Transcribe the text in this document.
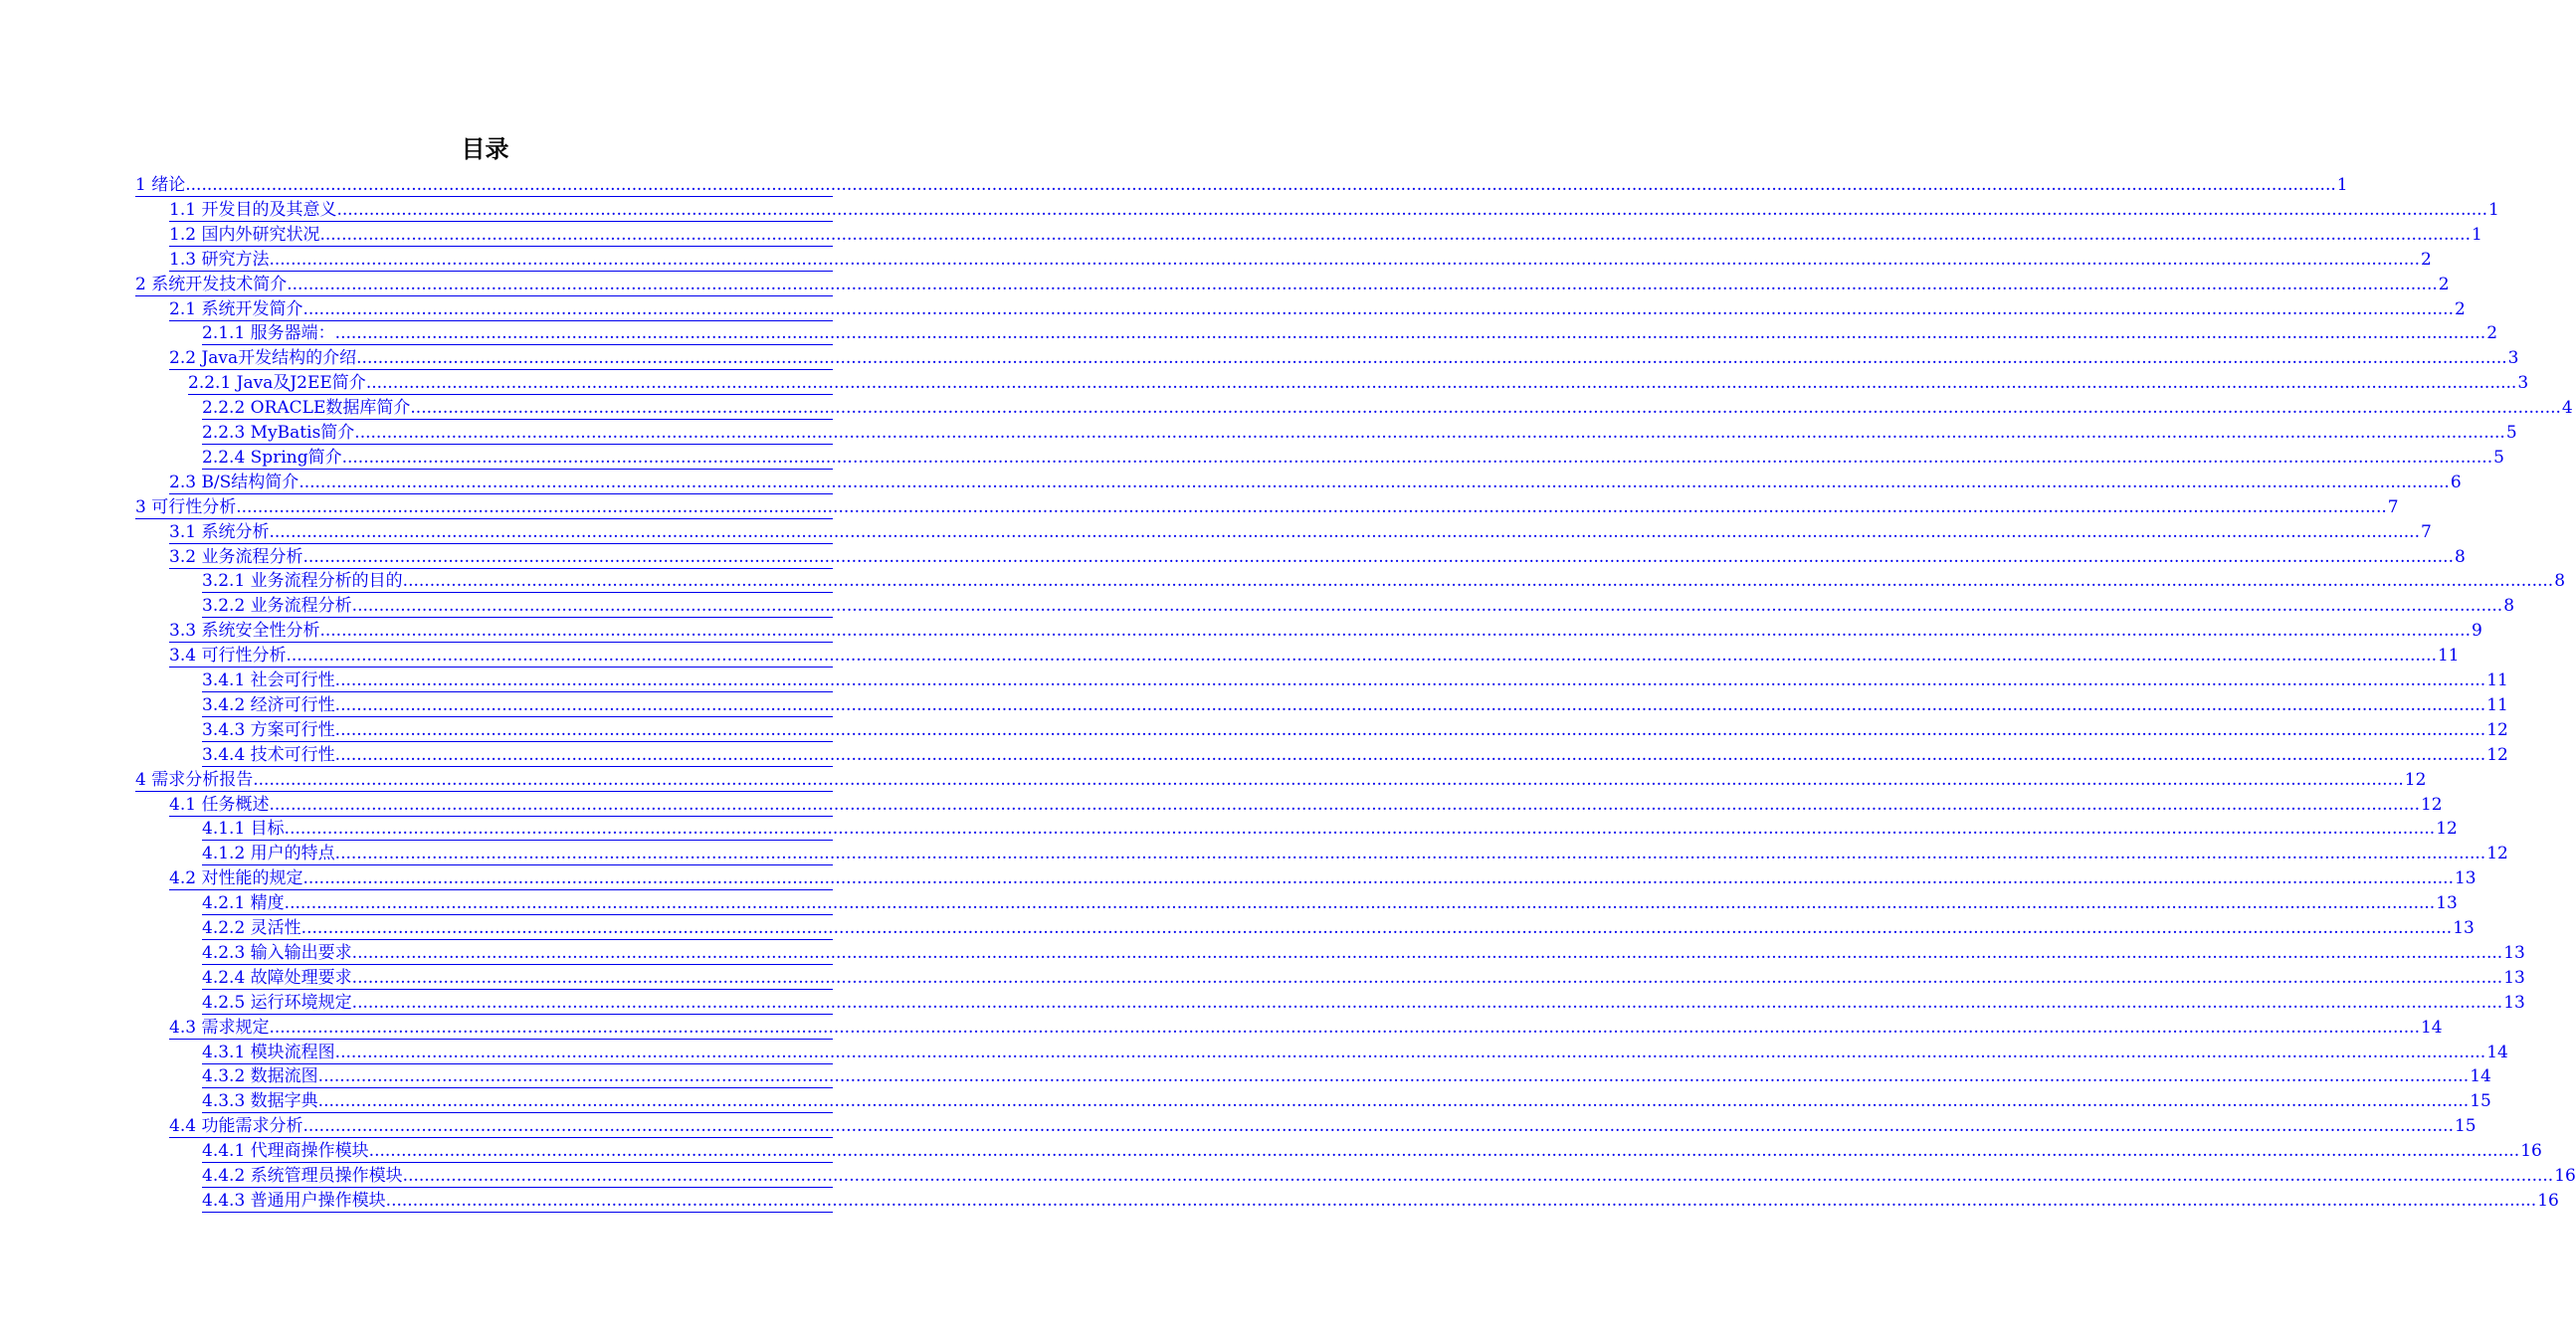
目录
1 绪论 ................................................................................................................................................................................................................................................................................................................................................................................................................ 1
1.1 开发目的及其意义 ................................................................................................................................................................................................................................................................................................................................................................................................................ 1
1.2 国内外研究状况 ................................................................................................................................................................................................................................................................................................................................................................................................................ 1
1.3 研究方法 ................................................................................................................................................................................................................................................................................................................................................................................................................ 2
2 系统开发技术简介 ................................................................................................................................................................................................................................................................................................................................................................................................................ 2
2.1 系统开发简介 ................................................................................................................................................................................................................................................................................................................................................................................................................ 2
2.1.1 服务器端： ................................................................................................................................................................................................................................................................................................................................................................................................................ 2
2.2 Java开发结构的介绍 ................................................................................................................................................................................................................................................................................................................................................................................................................ 3
2.2.1 Java及J2EE简介 ................................................................................................................................................................................................................................................................................................................................................................................................................ 3
2.2.2 ORACLE数据库简介 ................................................................................................................................................................................................................................................................................................................................................................................................................ 4
2.2.3 MyBatis简介 ................................................................................................................................................................................................................................................................................................................................................................................................................ 5
2.2.4 Spring简介 ................................................................................................................................................................................................................................................................................................................................................................................................................ 5
2.3 B/S结构简介 ................................................................................................................................................................................................................................................................................................................................................................................................................ 6
3 可行性分析 ................................................................................................................................................................................................................................................................................................................................................................................................................ 7
3.1 系统分析 ................................................................................................................................................................................................................................................................................................................................................................................................................ 7
3.2 业务流程分析 ................................................................................................................................................................................................................................................................................................................................................................................................................ 8
3.2.1 业务流程分析的目的 ................................................................................................................................................................................................................................................................................................................................................................................................................ 8
3.2.2 业务流程分析 ................................................................................................................................................................................................................................................................................................................................................................................................................ 8
3.3 系统安全性分析 ................................................................................................................................................................................................................................................................................................................................................................................................................ 9
3.4 可行性分析 ................................................................................................................................................................................................................................................................................................................................................................................................................ 11
3.4.1 社会可行性 ................................................................................................................................................................................................................................................................................................................................................................................................................ 11
3.4.2 经济可行性 ................................................................................................................................................................................................................................................................................................................................................................................................................ 11
3.4.3 方案可行性 ................................................................................................................................................................................................................................................................................................................................................................................................................ 12
3.4.4 技术可行性 ................................................................................................................................................................................................................................................................................................................................................................................................................ 12
4 需求分析报告 ................................................................................................................................................................................................................................................................................................................................................................................................................ 12
4.1 任务概述 ................................................................................................................................................................................................................................................................................................................................................................................................................ 12
4.1.1 目标 ................................................................................................................................................................................................................................................................................................................................................................................................................ 12
4.1.2 用户的特点 ................................................................................................................................................................................................................................................................................................................................................................................................................ 12
4.2 对性能的规定 ................................................................................................................................................................................................................................................................................................................................................................................................................ 13
4.2.1 精度 ................................................................................................................................................................................................................................................................................................................................................................................................................ 13
4.2.2 灵活性 ................................................................................................................................................................................................................................................................................................................................................................................................................ 13
4.2.3 输入输出要求 ................................................................................................................................................................................................................................................................................................................................................................................................................ 13
4.2.4 故障处理要求 ................................................................................................................................................................................................................................................................................................................................................................................................................ 13
4.2.5 运行环境规定 ................................................................................................................................................................................................................................................................................................................................................................................................................ 13
4.3 需求规定 ................................................................................................................................................................................................................................................................................................................................................................................................................ 14
4.3.1 模块流程图 ................................................................................................................................................................................................................................................................................................................................................................................................................ 14
4.3.2 数据流图 ................................................................................................................................................................................................................................................................................................................................................................................................................ 14
4.3.3 数据字典 ................................................................................................................................................................................................................................................................................................................................................................................................................ 15
4.4 功能需求分析 ................................................................................................................................................................................................................................................................................................................................................................................................................ 15
4.4.1 代理商操作模块 ................................................................................................................................................................................................................................................................................................................................................................................................................ 16
4.4.2 系统管理员操作模块 ................................................................................................................................................................................................................................................................................................................................................................................................................ 16
4.4.3 普通用户操作模块 ................................................................................................................................................................................................................................................................................................................................................................................................................ 16
